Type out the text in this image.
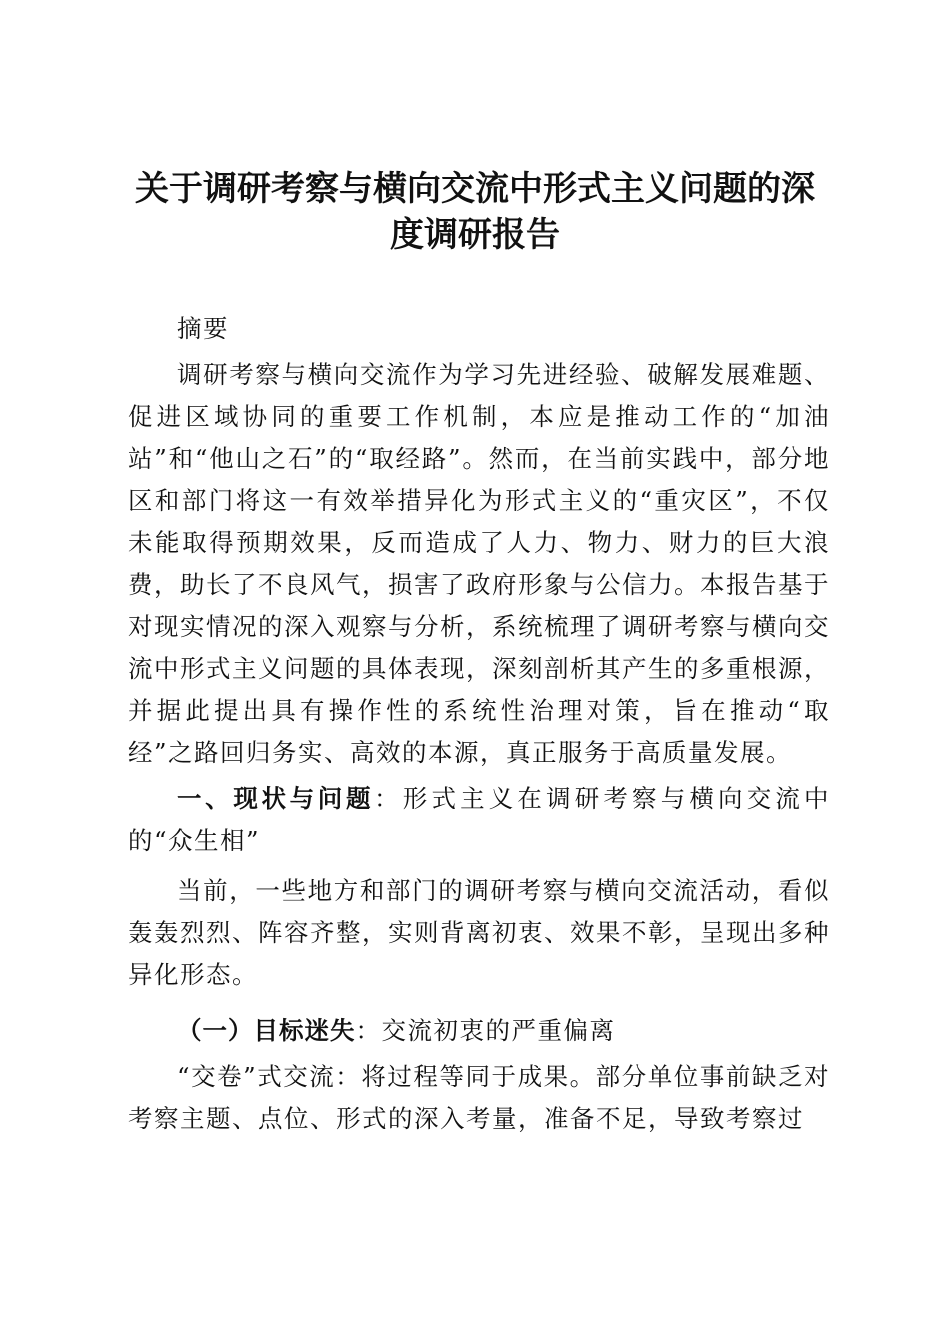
关于调研考察与横向交流中形式主义问题的深
度调研报告

摘要

调研考察与横向交流作为学习先进经验、破解发展难题、促进区域协同的重要工作机制，本应是推动工作的“加油站”和“他山之石”的“取经路”。然而，在当前实践中，部分地区和部门将这一有效举措异化为形式主义的“重灾区”，不仅未能取得预期效果，反而造成了人力、物力、财力的巨大浪费，助长了不良风气，损害了政府形象与公信力。本报告基于对现实情况的深入观察与分析，系统梳理了调研考察与横向交流中形式主义问题的具体表现，深刻剖析其产生的多重根源，并据此提出具有操作性的系统性治理对策，旨在推动“取经”之路回归务实、高效的本源，真正服务于高质量发展。

一、现状与问题：形式主义在调研考察与横向交流中的“众生相”

当前，一些地方和部门的调研考察与横向交流活动，看似轰轰烈烈、阵容齐整，实则背离初衷、效果不彰，呈现出多种异化形态。

（一）目标迷失：交流初衷的严重偏离

“交卷”式交流：将过程等同于成果。部分单位事前缺乏对考察主题、点位、形式的深入考量，准备不足，导致考察过
